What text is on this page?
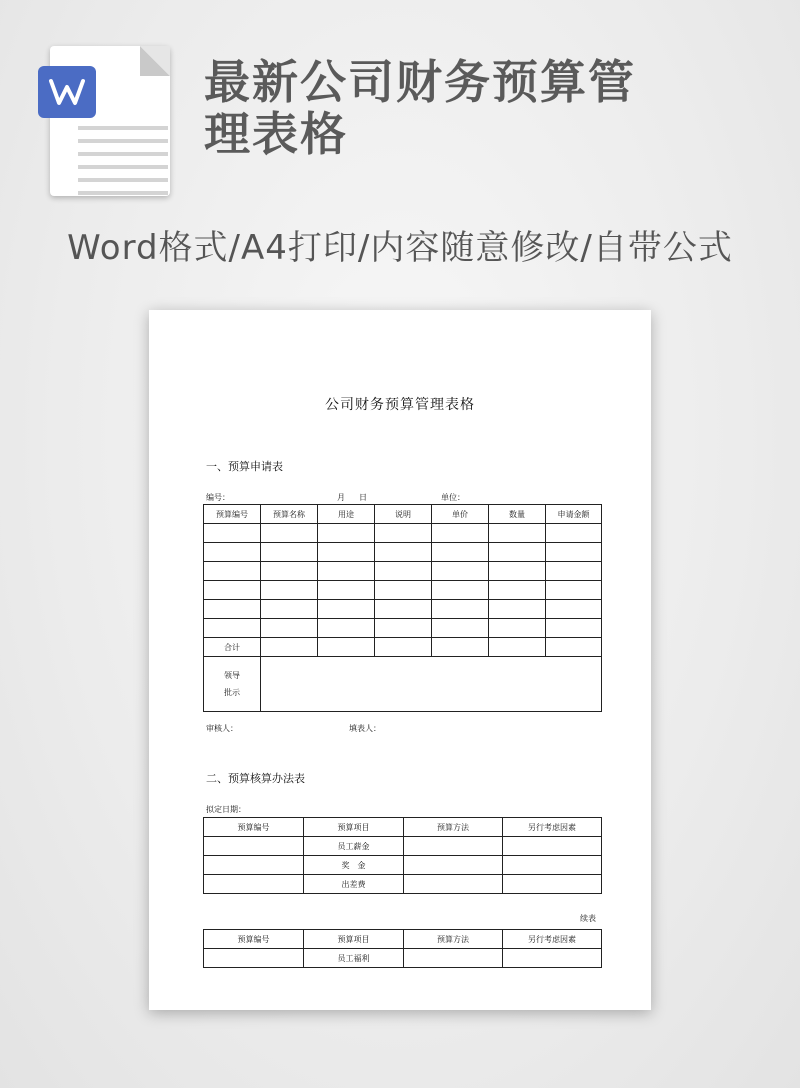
最新公司财务预算管
理表格
Word格式/A4打印/内容随意修改/自带公式
公司财务预算管理表格
一、预算申请表
编号：	月 日	单位：
预算编号	预算名称	用途	说明	单价	数量	申请金额

合计						

领导
批示						

审核人：	填表人：
二、预算核算办法表
拟定日期：
预算编号	预算项目	预算方法	另行考虑因素
	员工薪金		
	奖　金		
	出差费		
续表
预算编号	预算项目	预算方法	另行考虑因素
	员工福利		
